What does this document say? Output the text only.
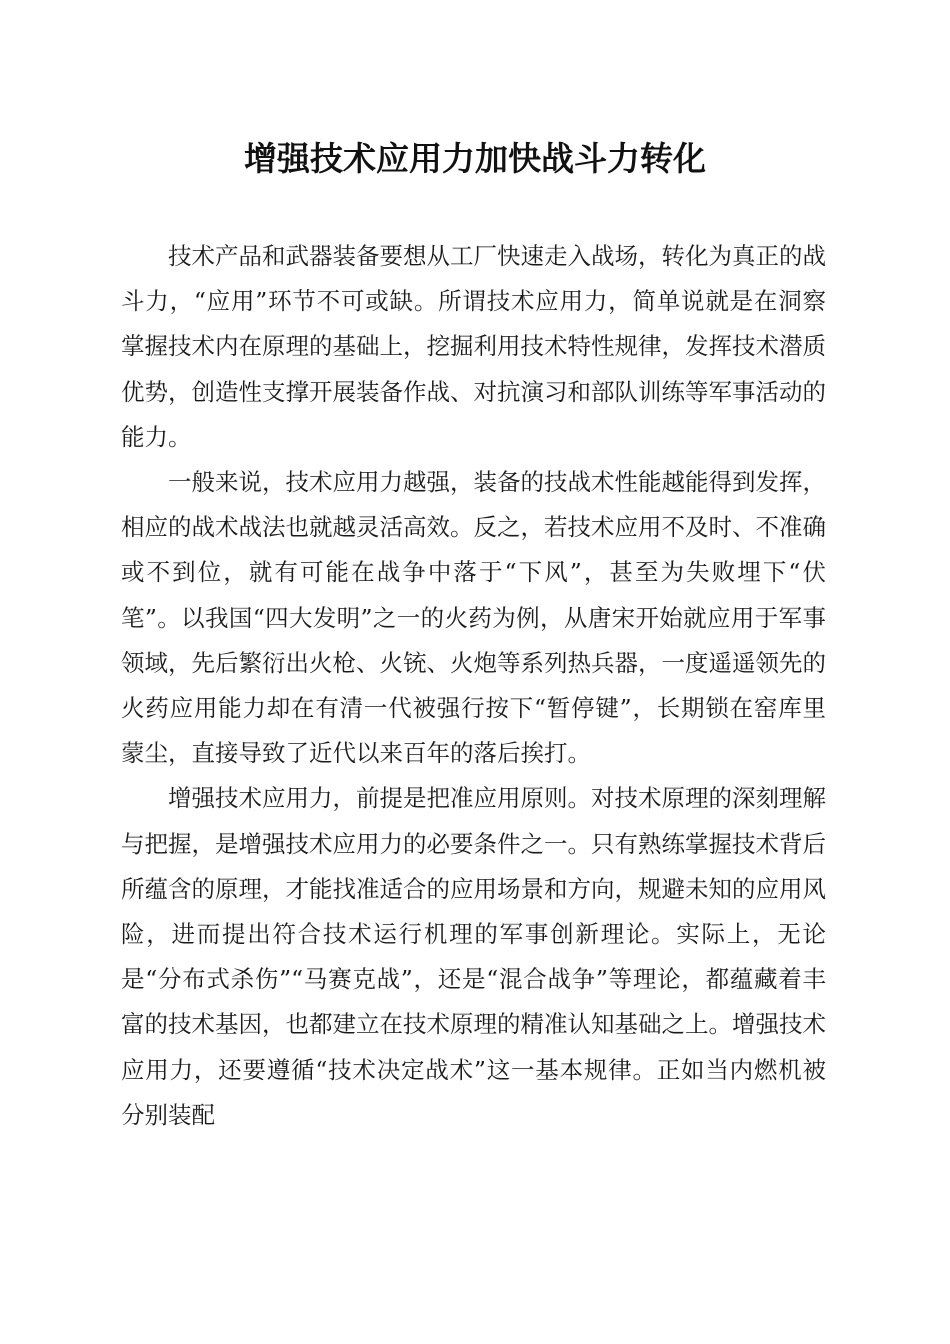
增强技术应用力加快战斗力转化

技术产品和武器装备要想从工厂快速走入战场，转化为真正的战斗力，“应用”环节不可或缺。所谓技术应用力，简单说就是在洞察掌握技术内在原理的基础上，挖掘利用技术特性规律，发挥技术潜质优势，创造性支撑开展装备作战、对抗演习和部队训练等军事活动的能力。

一般来说，技术应用力越强，装备的技战术性能越能得到发挥，相应的战术战法也就越灵活高效。反之，若技术应用不及时、不准确或不到位，就有可能在战争中落于“下风”，甚至为失败埋下“伏笔”。以我国“四大发明”之一的火药为例，从唐宋开始就应用于军事领域，先后繁衍出火枪、火铳、火炮等系列热兵器，一度遥遥领先的火药应用能力却在有清一代被强行按下“暂停键”，长期锁在窑库里蒙尘，直接导致了近代以来百年的落后挨打。

增强技术应用力，前提是把准应用原则。对技术原理的深刻理解与把握，是增强技术应用力的必要条件之一。只有熟练掌握技术背后所蕴含的原理，才能找准适合的应用场景和方向，规避未知的应用风险，进而提出符合技术运行机理的军事创新理论。实际上，无论是“分布式杀伤”“马赛克战”，还是“混合战争”等理论，都蕴藏着丰富的技术基因，也都建立在技术原理的精准认知基础之上。增强技术应用力，还要遵循“技术决定战术”这一基本规律。正如当内燃机被分别装配
